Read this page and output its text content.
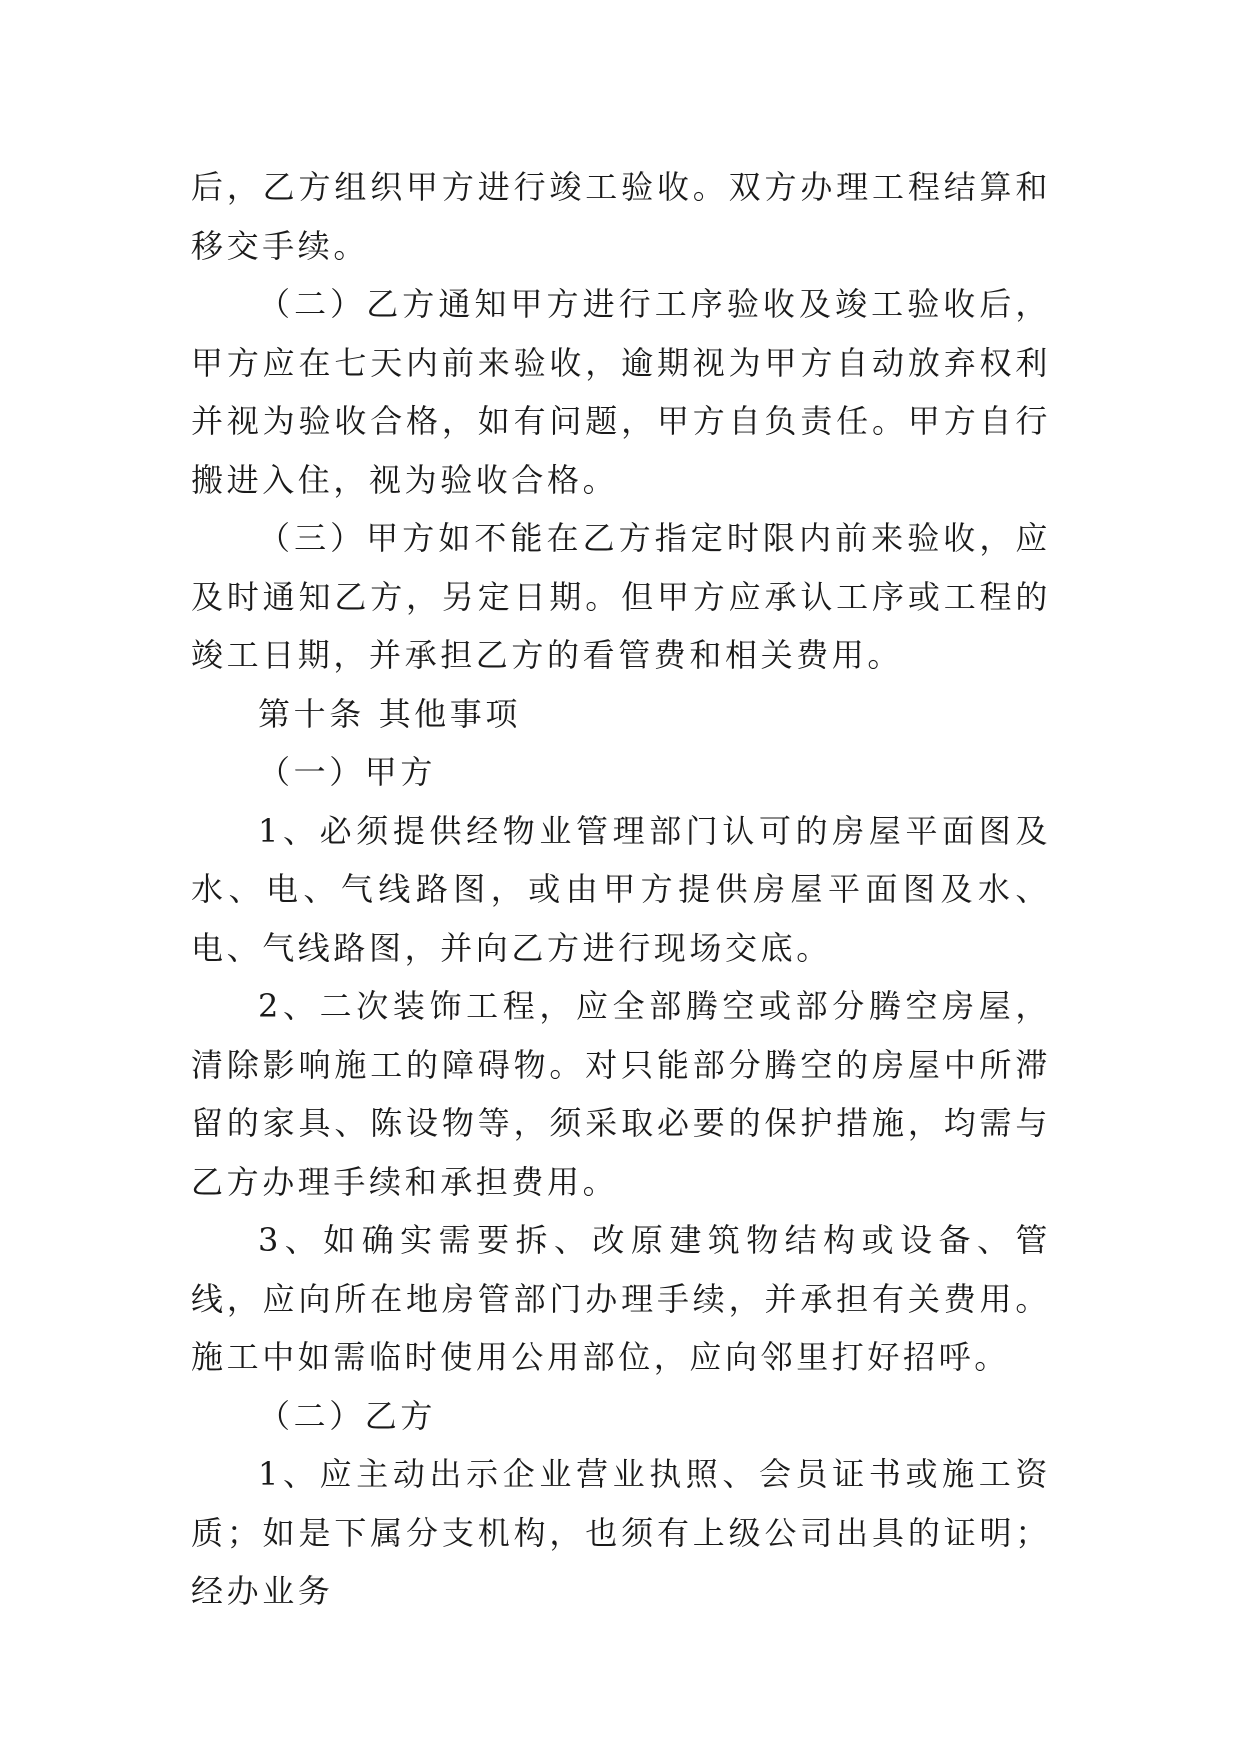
后，乙方组织甲方进行竣工验收。双方办理工程结算和移交手续。

（二）乙方通知甲方进行工序验收及竣工验收后，甲方应在七天内前来验收，逾期视为甲方自动放弃权利并视为验收合格，如有问题，甲方自负责任。甲方自行搬进入住，视为验收合格。

（三）甲方如不能在乙方指定时限内前来验收，应及时通知乙方，另定日期。但甲方应承认工序或工程的竣工日期，并承担乙方的看管费和相关费用。

第十条 其他事项

（一）甲方

1、必须提供经物业管理部门认可的房屋平面图及水、电、气线路图，或由甲方提供房屋平面图及水、电、气线路图，并向乙方进行现场交底。

2、二次装饰工程，应全部腾空或部分腾空房屋，清除影响施工的障碍物。对只能部分腾空的房屋中所滞留的家具、陈设物等，须采取必要的保护措施，均需与乙方办理手续和承担费用。

3、如确实需要拆、改原建筑物结构或设备、管线，应向所在地房管部门办理手续，并承担有关费用。施工中如需临时使用公用部位，应向邻里打好招呼。

（二）乙方

1、应主动出示企业营业执照、会员证书或施工资质；如是下属分支机构，也须有上级公司出具的证明；经办业务
